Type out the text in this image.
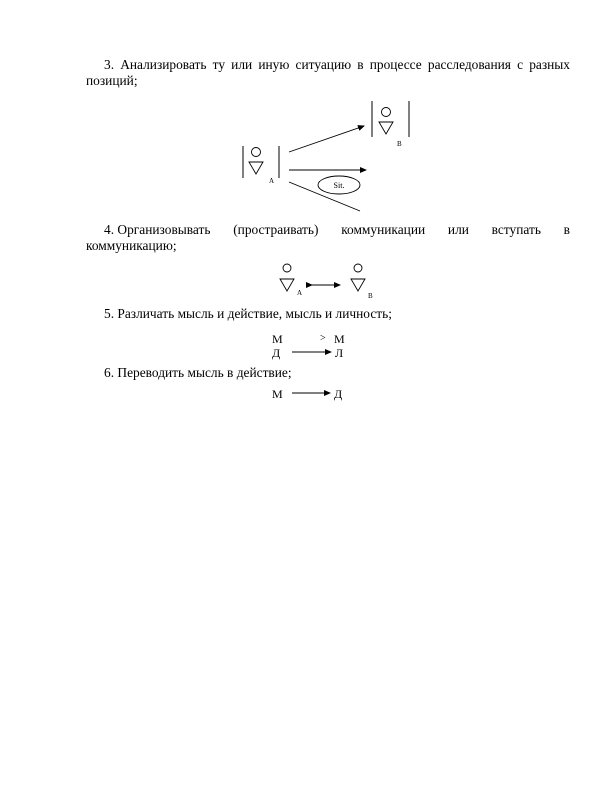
3. Анализировать ту или иную ситуацию в процессе расследования с разных позиций;
4. Организовывать	(простраивать)	коммуникации	или	вступать	в
коммуникацию;
5. Различать мысль и действие, мысль и личность;
6. Переводить мысль в действие;
A
B
Sit.
A	B
М	> М
Д	Л
М	Д
